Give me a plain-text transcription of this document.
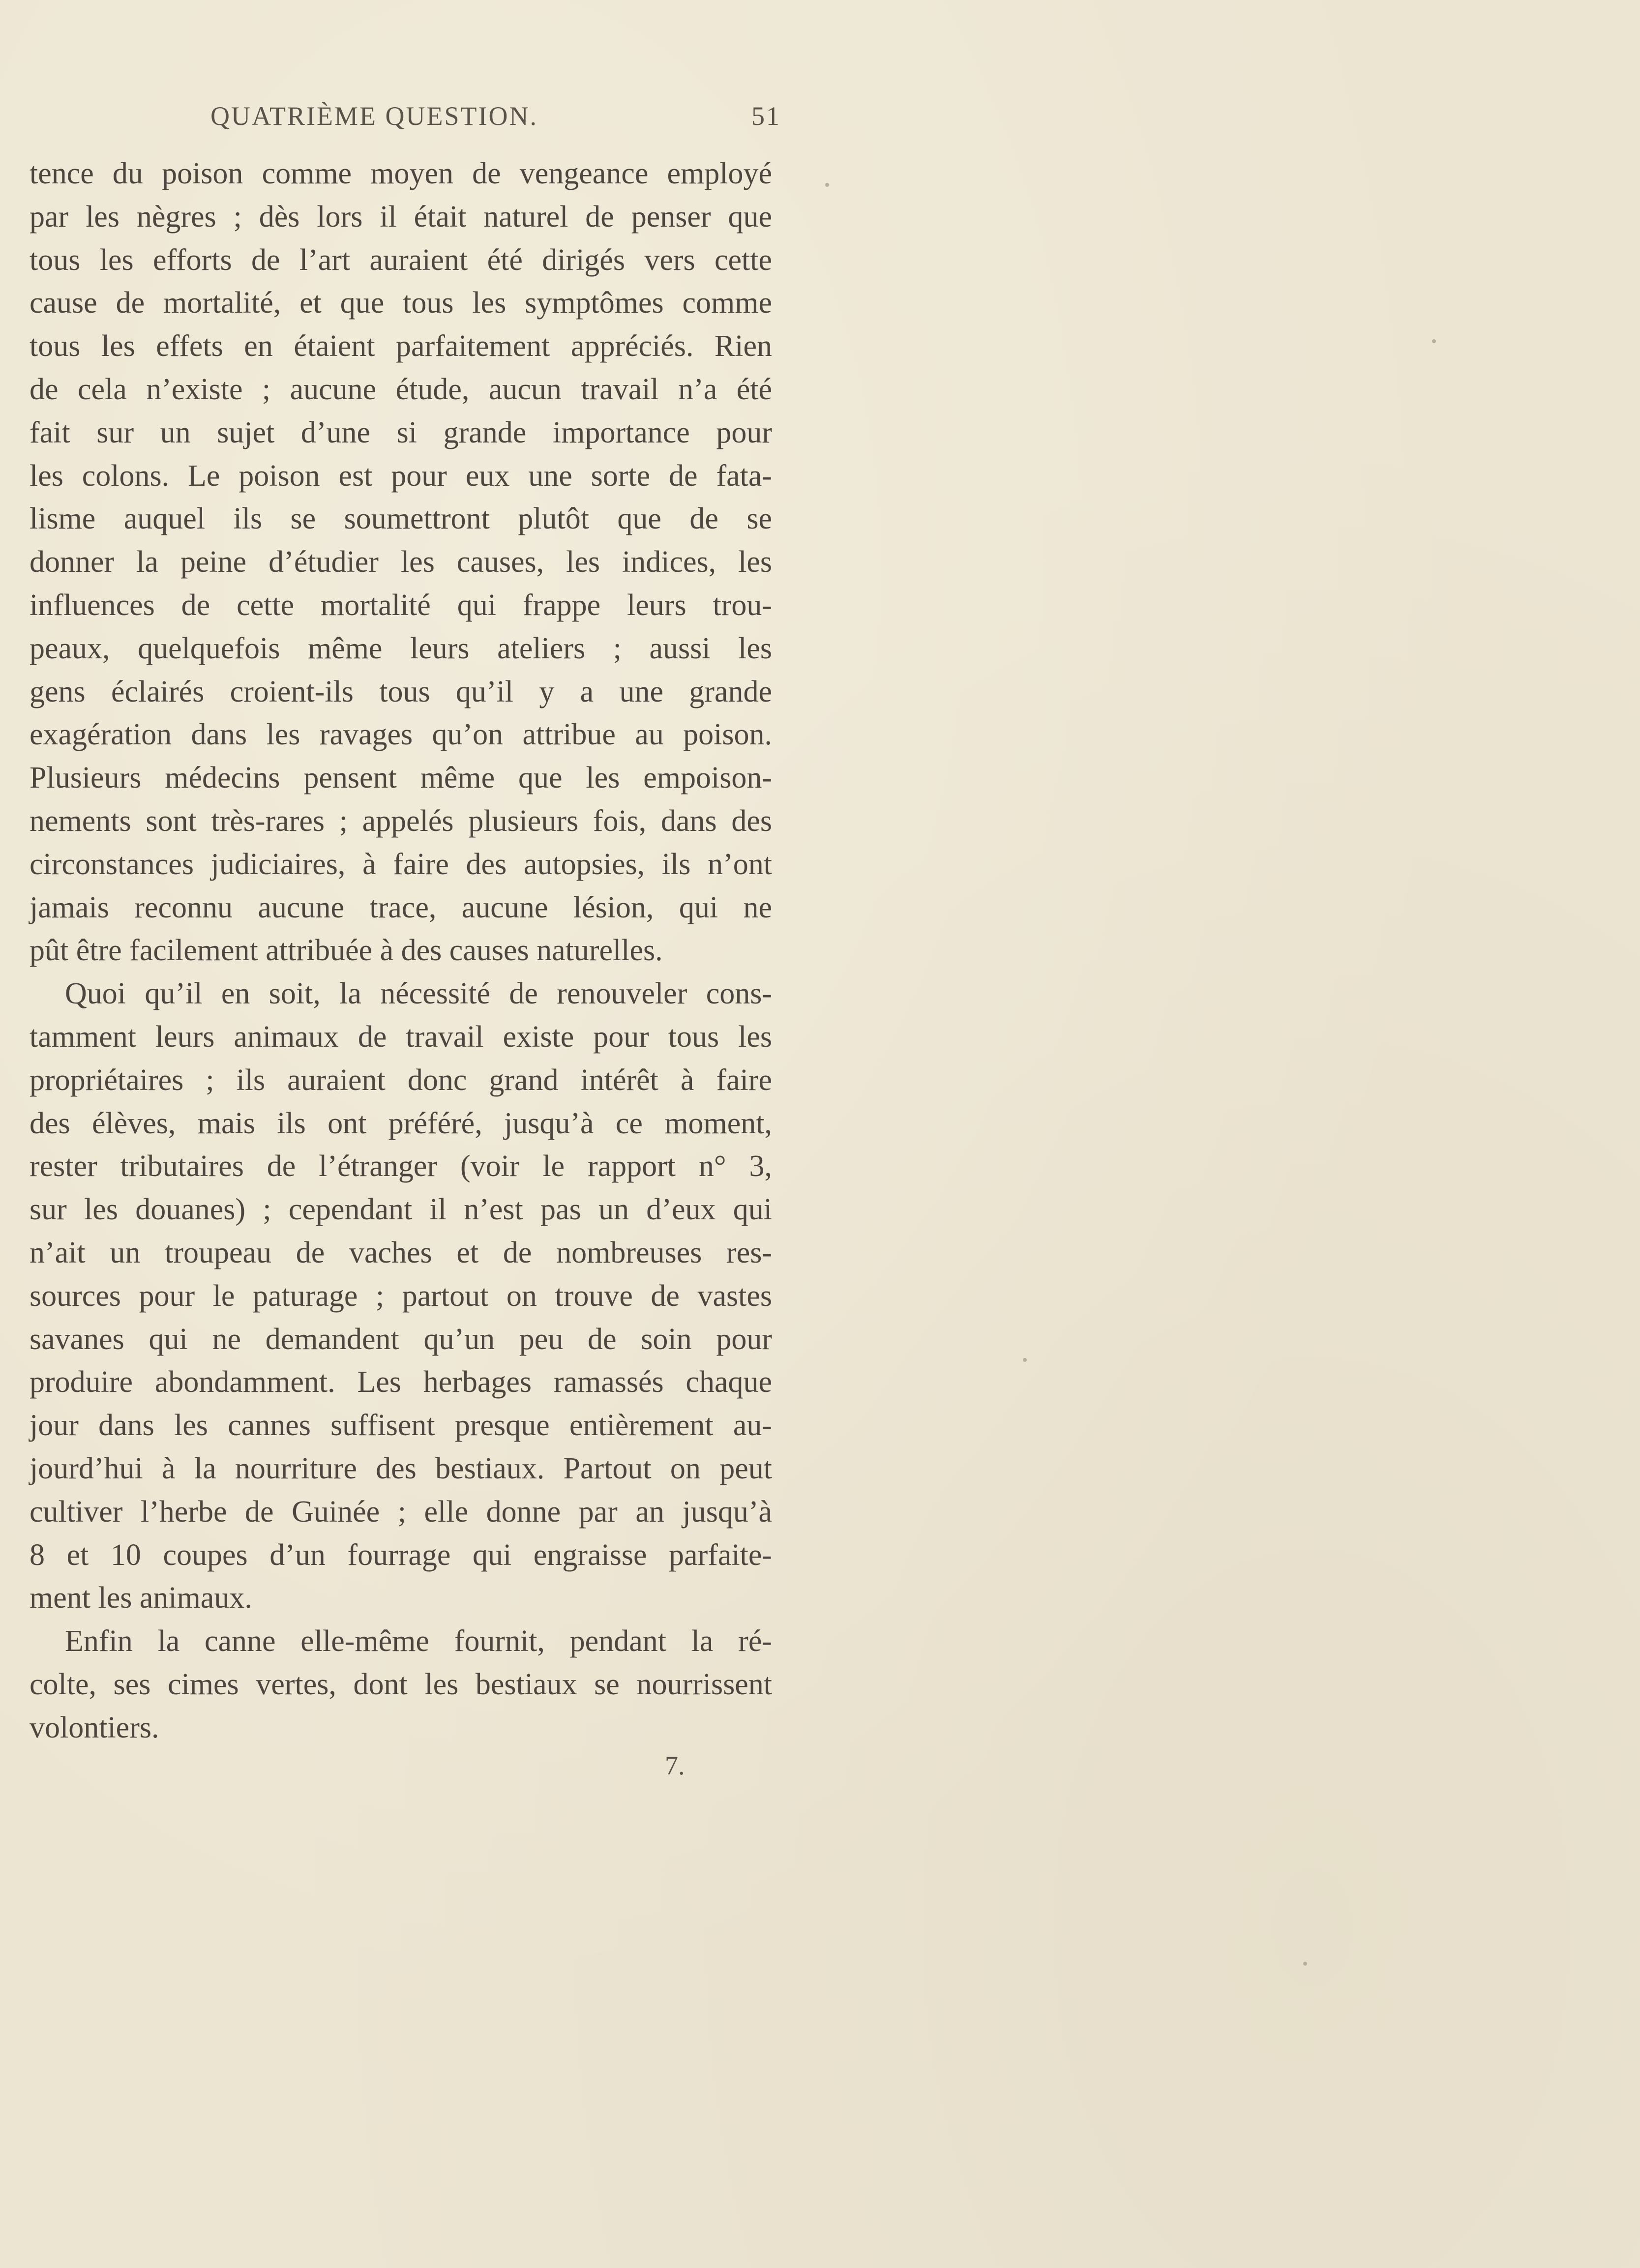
QUATRIÈME QUESTION.	51
tence du poison comme moyen de vengeance employé
par les nègres ; dès lors il était naturel de penser que
tous les efforts de l’art auraient été dirigés vers cette
cause de mortalité, et que tous les symptômes comme
tous les effets en étaient parfaitement appréciés. Rien
de cela n’existe ; aucune étude, aucun travail n’a été
fait sur un sujet d’une si grande importance pour
les colons. Le poison est pour eux une sorte de fata-
lisme auquel ils se soumettront plutôt que de se
donner la peine d’étudier les causes, les indices, les
influences de cette mortalité qui frappe leurs trou-
peaux, quelquefois même leurs ateliers ; aussi les
gens éclairés croient-ils tous qu’il y a une grande
exagération dans les ravages qu’on attribue au poison.
Plusieurs médecins pensent même que les empoison-
nements sont très-rares ; appelés plusieurs fois, dans des
circonstances judiciaires, à faire des autopsies, ils n’ont
jamais reconnu aucune trace, aucune lésion, qui ne
pût être facilement attribuée à des causes naturelles.
Quoi qu’il en soit, la nécessité de renouveler cons-
tamment leurs animaux de travail existe pour tous les
propriétaires ; ils auraient donc grand intérêt à faire
des élèves, mais ils ont préféré, jusqu’à ce moment,
rester tributaires de l’étranger (voir le rapport n° 3,
sur les douanes) ; cependant il n’est pas un d’eux qui
n’ait un troupeau de vaches et de nombreuses res-
sources pour le paturage ; partout on trouve de vastes
savanes qui ne demandent qu’un peu de soin pour
produire abondamment. Les herbages ramassés chaque
jour dans les cannes suffisent presque entièrement au-
jourd’hui à la nourriture des bestiaux. Partout on peut
cultiver l’herbe de Guinée ; elle donne par an jusqu’à
8 et 10 coupes d’un fourrage qui engraisse parfaite-
ment les animaux.
Enfin la canne elle-même fournit, pendant la ré-
colte, ses cimes vertes, dont les bestiaux se nourrissent
volontiers.
7.
